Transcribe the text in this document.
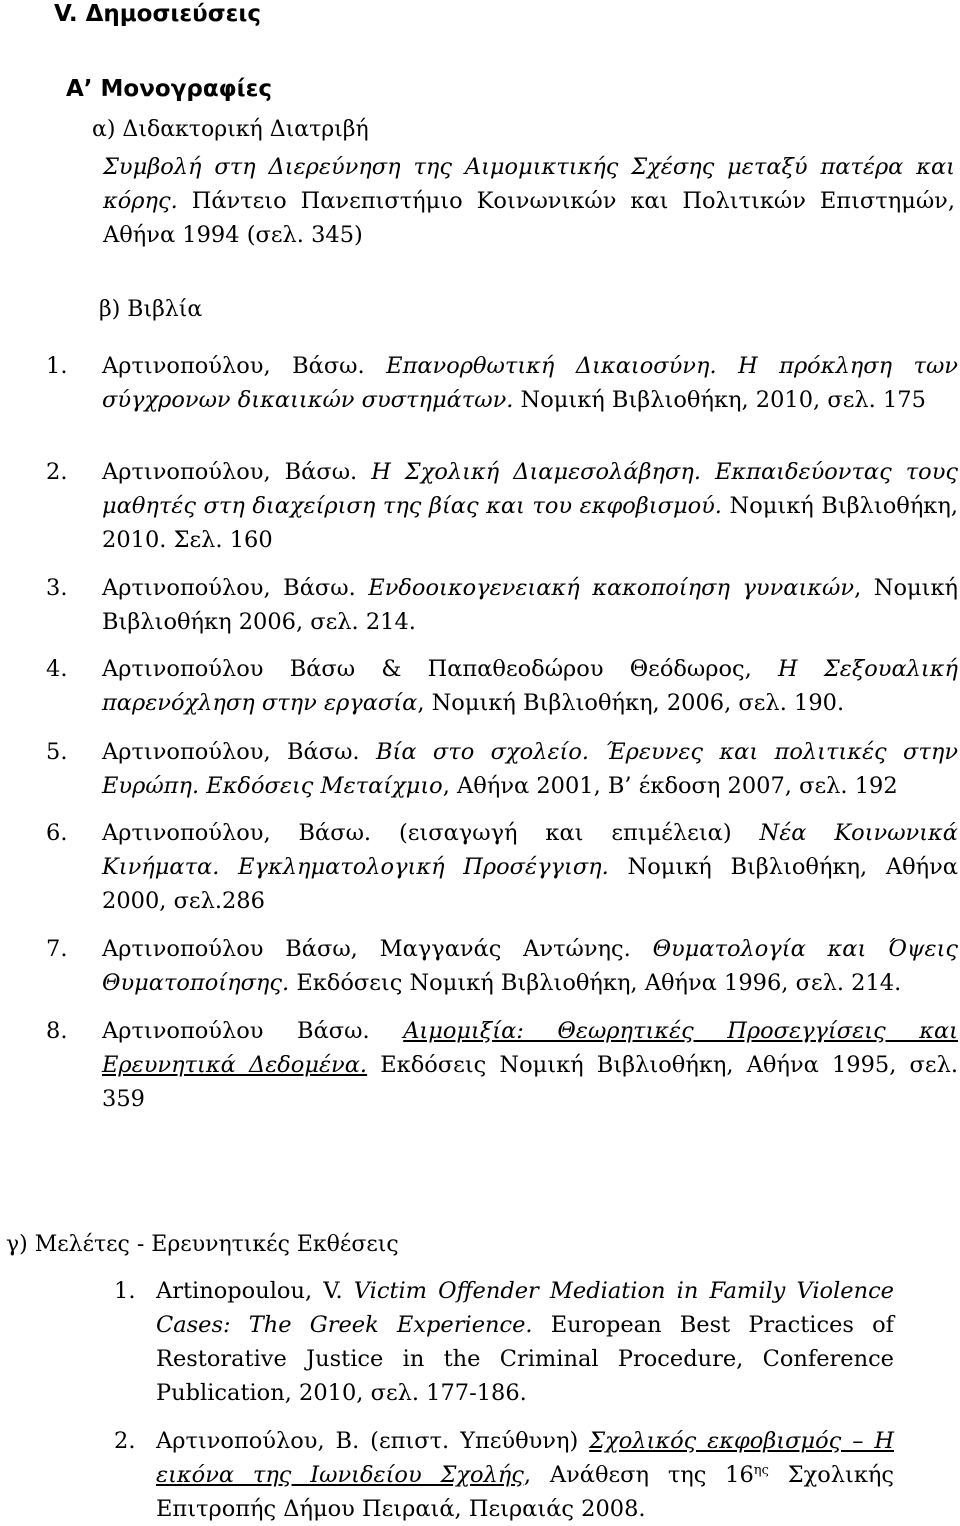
V. Δημοσιεύσεις
Α’ Μονογραφίες
α) Διδακτορική Διατριβή
Συμβολή στη Διερεύνηση της Αιμομικτικής Σχέσης μεταξύ πατέρα και κόρης. Πάντειο Πανεπιστήμιο Κοινωνικών και Πολιτικών Επιστημών, Αθήνα 1994 (σελ. 345)
β) Βιβλία
1. Αρτινοπούλου, Βάσω. Επανορθωτική Δικαιοσύνη. Η πρόκληση των σύγχρονων δικαιικών συστημάτων. Νομική Βιβλιοθήκη, 2010, σελ. 175
2. Αρτινοπούλου, Βάσω. Η Σχολική Διαμεσολάβηση. Εκπαιδεύοντας τους μαθητές στη διαχείριση της βίας και του εκφοβισμού. Νομική Βιβλιοθήκη, 2010. Σελ. 160
3. Αρτινοπούλου, Βάσω. Ενδοοικογενειακή κακοποίηση γυναικών, Νομική Βιβλιοθήκη 2006, σελ. 214.
4. Αρτινοπούλου Βάσω & Παπαθεοδώρου Θεόδωρος, Η Σεξουαλική παρενόχληση στην εργασία, Νομική Βιβλιοθήκη, 2006, σελ. 190.
5. Αρτινοπούλου, Βάσω. Βία στο σχολείο. Έρευνες και πολιτικές στην Ευρώπη. Εκδόσεις Μεταίχμιο, Αθήνα 2001, Β’ έκδοση 2007, σελ. 192
6. Αρτινοπούλου, Βάσω. (εισαγωγή και επιμέλεια) Νέα Κοινωνικά Κινήματα. Εγκληματολογική Προσέγγιση. Νομική Βιβλιοθήκη, Αθήνα 2000, σελ.286
7. Αρτινοπούλου Βάσω, Μαγγανάς Αντώνης. Θυματολογία και Όψεις Θυματοποίησης. Εκδόσεις Νομική Βιβλιοθήκη, Αθήνα 1996, σελ. 214.
8. Αρτινοπούλου Βάσω. Αιμομιξία: Θεωρητικές Προσεγγίσεις και Ερευνητικά Δεδομένα. Εκδόσεις Νομική Βιβλιοθήκη, Αθήνα 1995, σελ. 359
γ) Μελέτες - Ερευνητικές Εκθέσεις
1. Artinopoulou, V. Victim Offender Mediation in Family Violence Cases: The Greek Experience. European Best Practices of Restorative Justice in the Criminal Procedure, Conference Publication, 2010, σελ. 177-186.
2. Αρτινοπούλου, Β. (επιστ. Υπεύθυνη) Σχολικός εκφοβισμός – Η εικόνα της Ιωνιδείου Σχολής, Ανάθεση της $16^{\eta\varsigma}$ Σχολικής Επιτροπής Δήμου Πειραιά, Πειραιάς 2008.
